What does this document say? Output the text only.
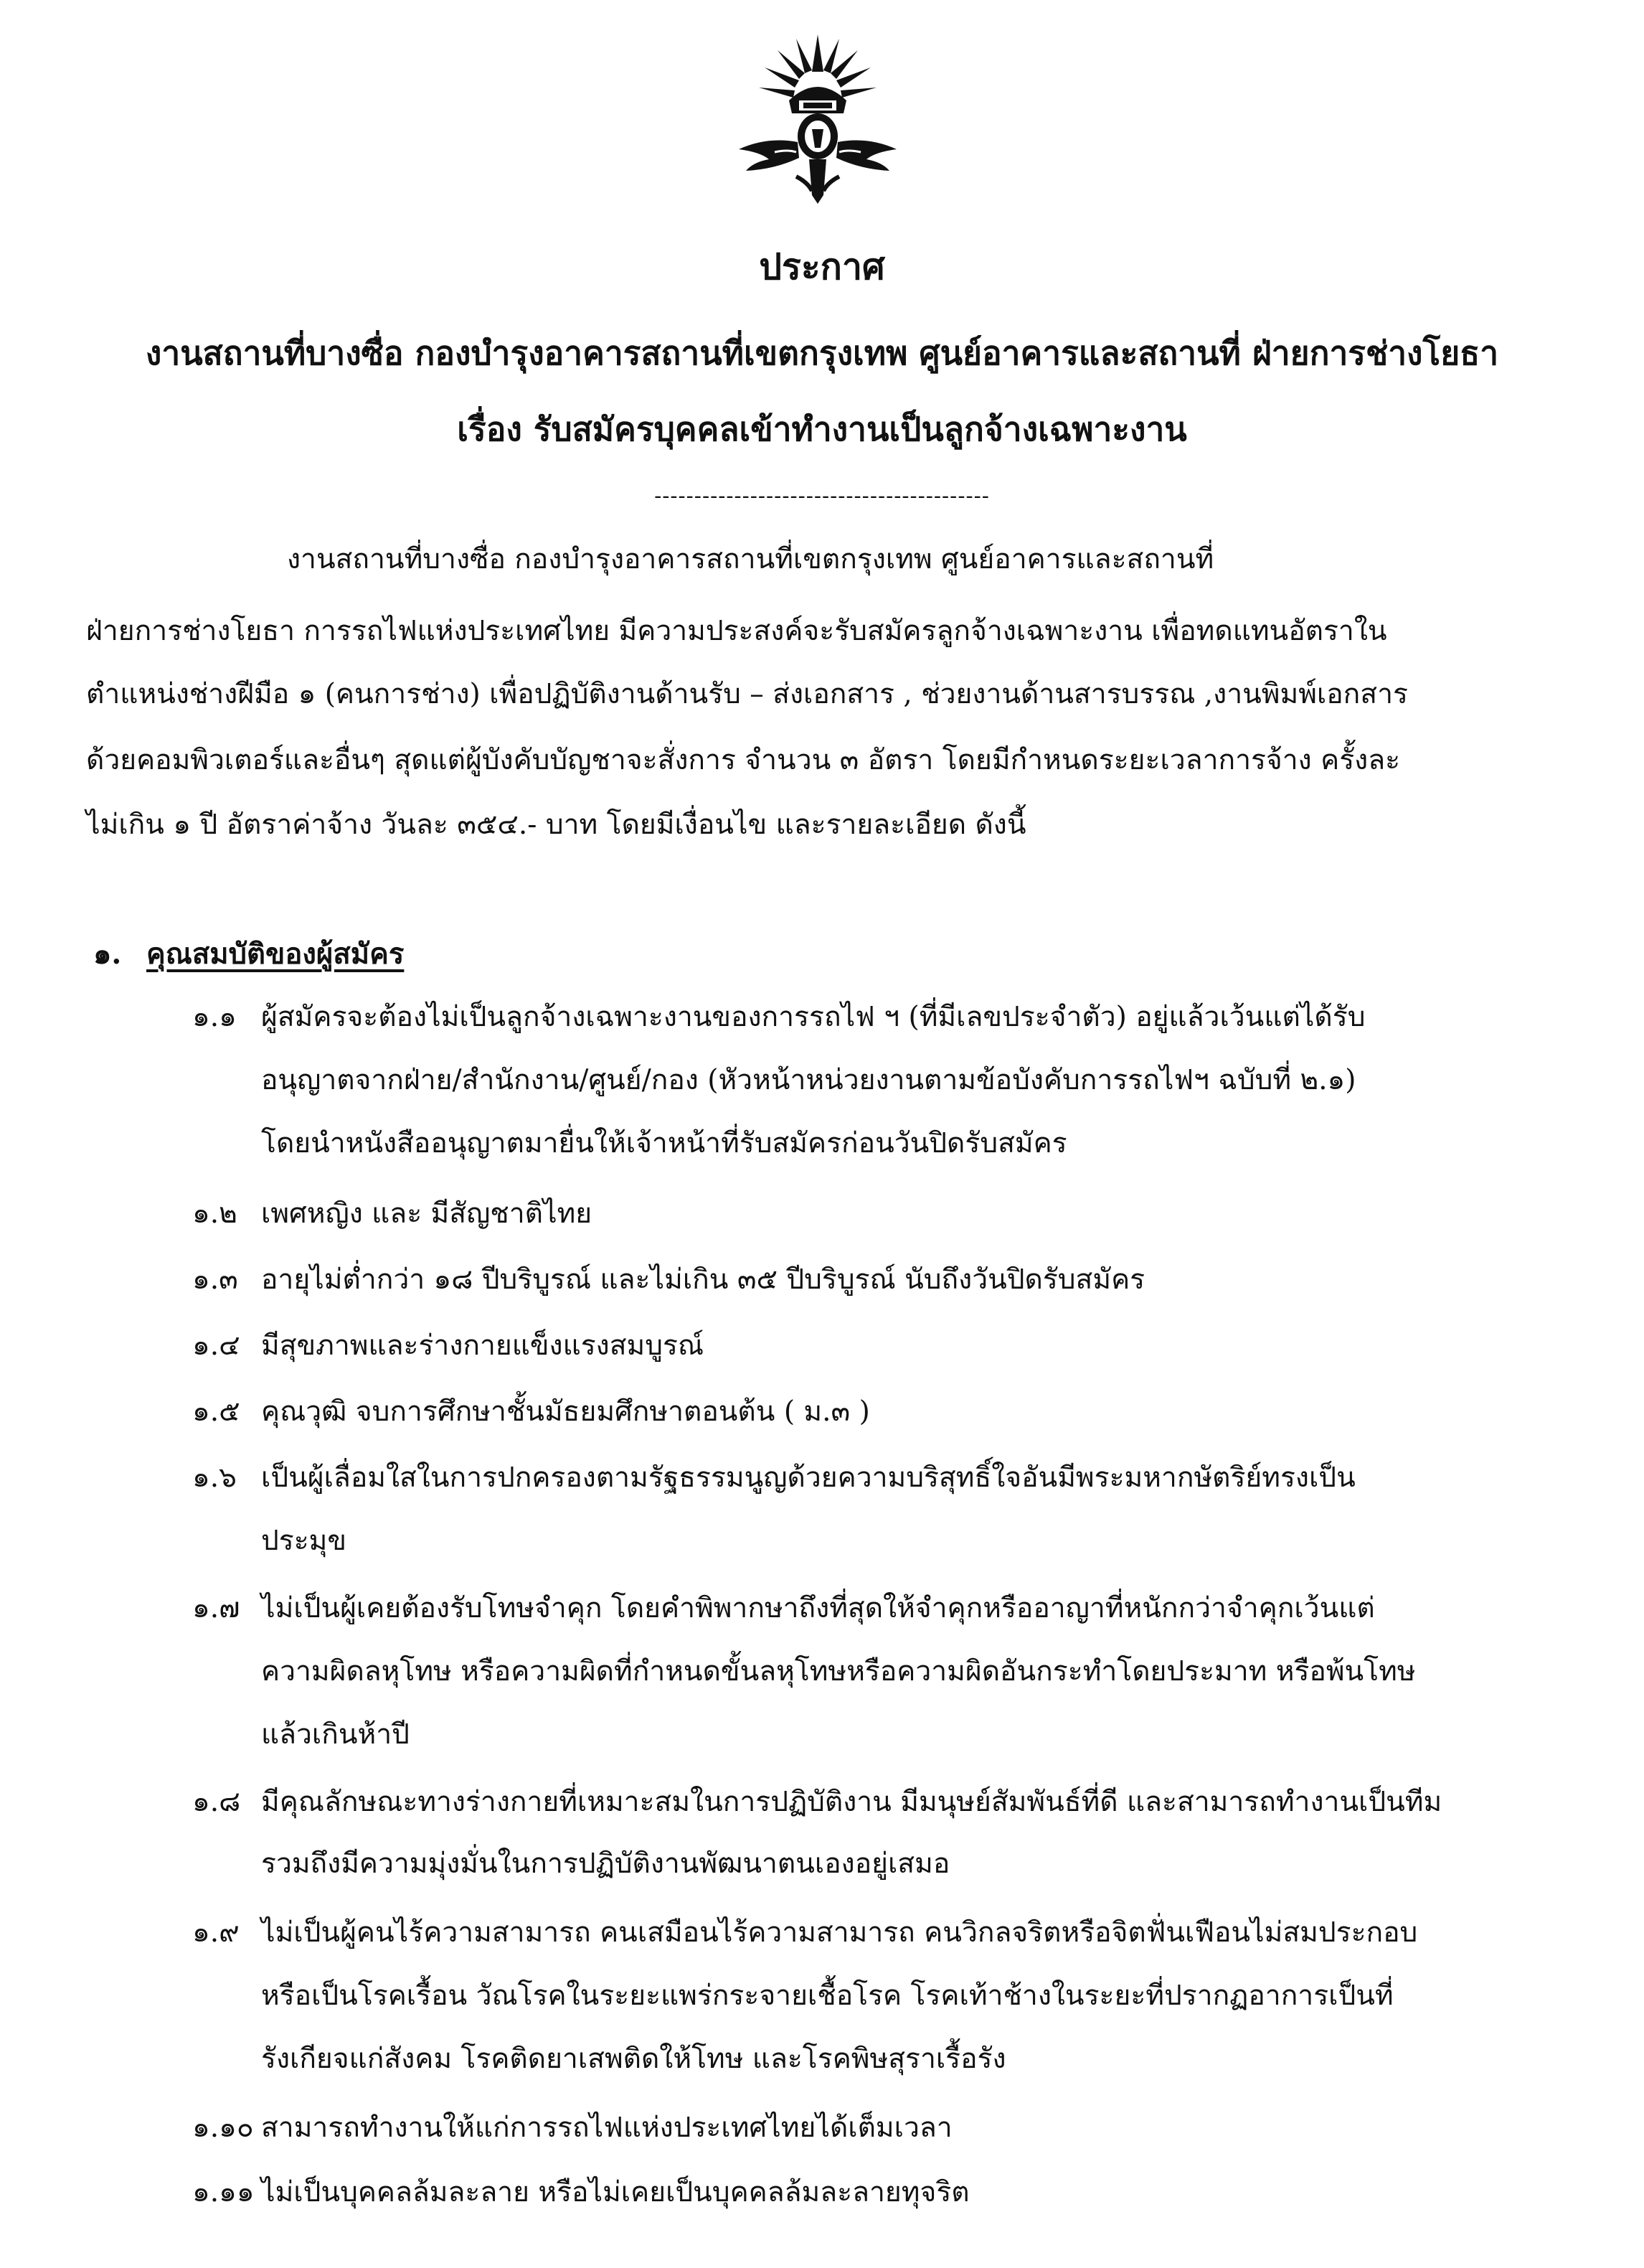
ประกาศ
งานสถานที่บางซื่อ กองบำรุงอาคารสถานที่เขตกรุงเทพ ศูนย์อาคารและสถานที่ ฝ่ายการช่างโยธา
เรื่อง รับสมัครบุคคลเข้าทำงานเป็นลูกจ้างเฉพาะงาน
------------------------------------------
งานสถานที่บางซื่อ กองบำรุงอาคารสถานที่เขตกรุงเทพ ศูนย์อาคารและสถานที่
ฝ่ายการช่างโยธา การรถไฟแห่งประเทศไทย มีความประสงค์จะรับสมัครลูกจ้างเฉพาะงาน เพื่อทดแทนอัตราใน
ตำแหน่งช่างฝีมือ ๑ (คนการช่าง) เพื่อปฏิบัติงานด้านรับ – ส่งเอกสาร , ช่วยงานด้านสารบรรณ ,งานพิมพ์เอกสาร
ด้วยคอมพิวเตอร์และอื่นๆ สุดแต่ผู้บังคับบัญชาจะสั่งการ จำนวน ๓ อัตรา โดยมีกำหนดระยะเวลาการจ้าง ครั้งละ
ไม่เกิน ๑ ปี อัตราค่าจ้าง วันละ ๓๕๔.- บาท โดยมีเงื่อนไข และรายละเอียด ดังนี้
๑. คุณสมบัติของผู้สมัคร
๑.๑ ผู้สมัครจะต้องไม่เป็นลูกจ้างเฉพาะงานของการรถไฟ ฯ (ที่มีเลขประจำตัว) อยู่แล้วเว้นแต่ได้รับ
อนุญาตจากฝ่าย/สำนักงาน/ศูนย์/กอง (หัวหน้าหน่วยงานตามข้อบังคับการรถไฟฯ ฉบับที่ ๒.๑)
โดยนำหนังสืออนุญาตมายื่นให้เจ้าหน้าที่รับสมัครก่อนวันปิดรับสมัคร
๑.๒ เพศหญิง และ มีสัญชาติไทย
๑.๓ อายุไม่ต่ำกว่า ๑๘ ปีบริบูรณ์ และไม่เกิน ๓๕ ปีบริบูรณ์ นับถึงวันปิดรับสมัคร
๑.๔ มีสุขภาพและร่างกายแข็งแรงสมบูรณ์
๑.๕ คุณวุฒิ จบการศึกษาชั้นมัธยมศึกษาตอนต้น ( ม.๓ )
๑.๖ เป็นผู้เลื่อมใสในการปกครองตามรัฐธรรมนูญด้วยความบริสุทธิ์ใจอันมีพระมหากษัตริย์ทรงเป็น
ประมุข
๑.๗ ไม่เป็นผู้เคยต้องรับโทษจำคุก โดยคำพิพากษาถึงที่สุดให้จำคุกหรืออาญาที่หนักกว่าจำคุกเว้นแต่
ความผิดลหุโทษ หรือความผิดที่กำหนดขั้นลหุโทษหรือความผิดอันกระทำโดยประมาท หรือพ้นโทษ
แล้วเกินห้าปี
๑.๘ มีคุณลักษณะทางร่างกายที่เหมาะสมในการปฏิบัติงาน มีมนุษย์สัมพันธ์ที่ดี และสามารถทำงานเป็นทีม
รวมถึงมีความมุ่งมั่นในการปฏิบัติงานพัฒนาตนเองอยู่เสมอ
๑.๙ ไม่เป็นผู้คนไร้ความสามารถ คนเสมือนไร้ความสามารถ คนวิกลจริตหรือจิตฟั่นเฟือนไม่สมประกอบ
หรือเป็นโรคเรื้อน วัณโรคในระยะแพร่กระจายเชื้อโรค โรคเท้าช้างในระยะที่ปรากฏอาการเป็นที่
รังเกียจแก่สังคม โรคติดยาเสพติดให้โทษ และโรคพิษสุราเรื้อรัง
๑.๑๐ สามารถทำงานให้แก่การรถไฟแห่งประเทศไทยได้เต็มเวลา
๑.๑๑ ไม่เป็นบุคคลล้มละลาย หรือไม่เคยเป็นบุคคลล้มละลายทุจริต
